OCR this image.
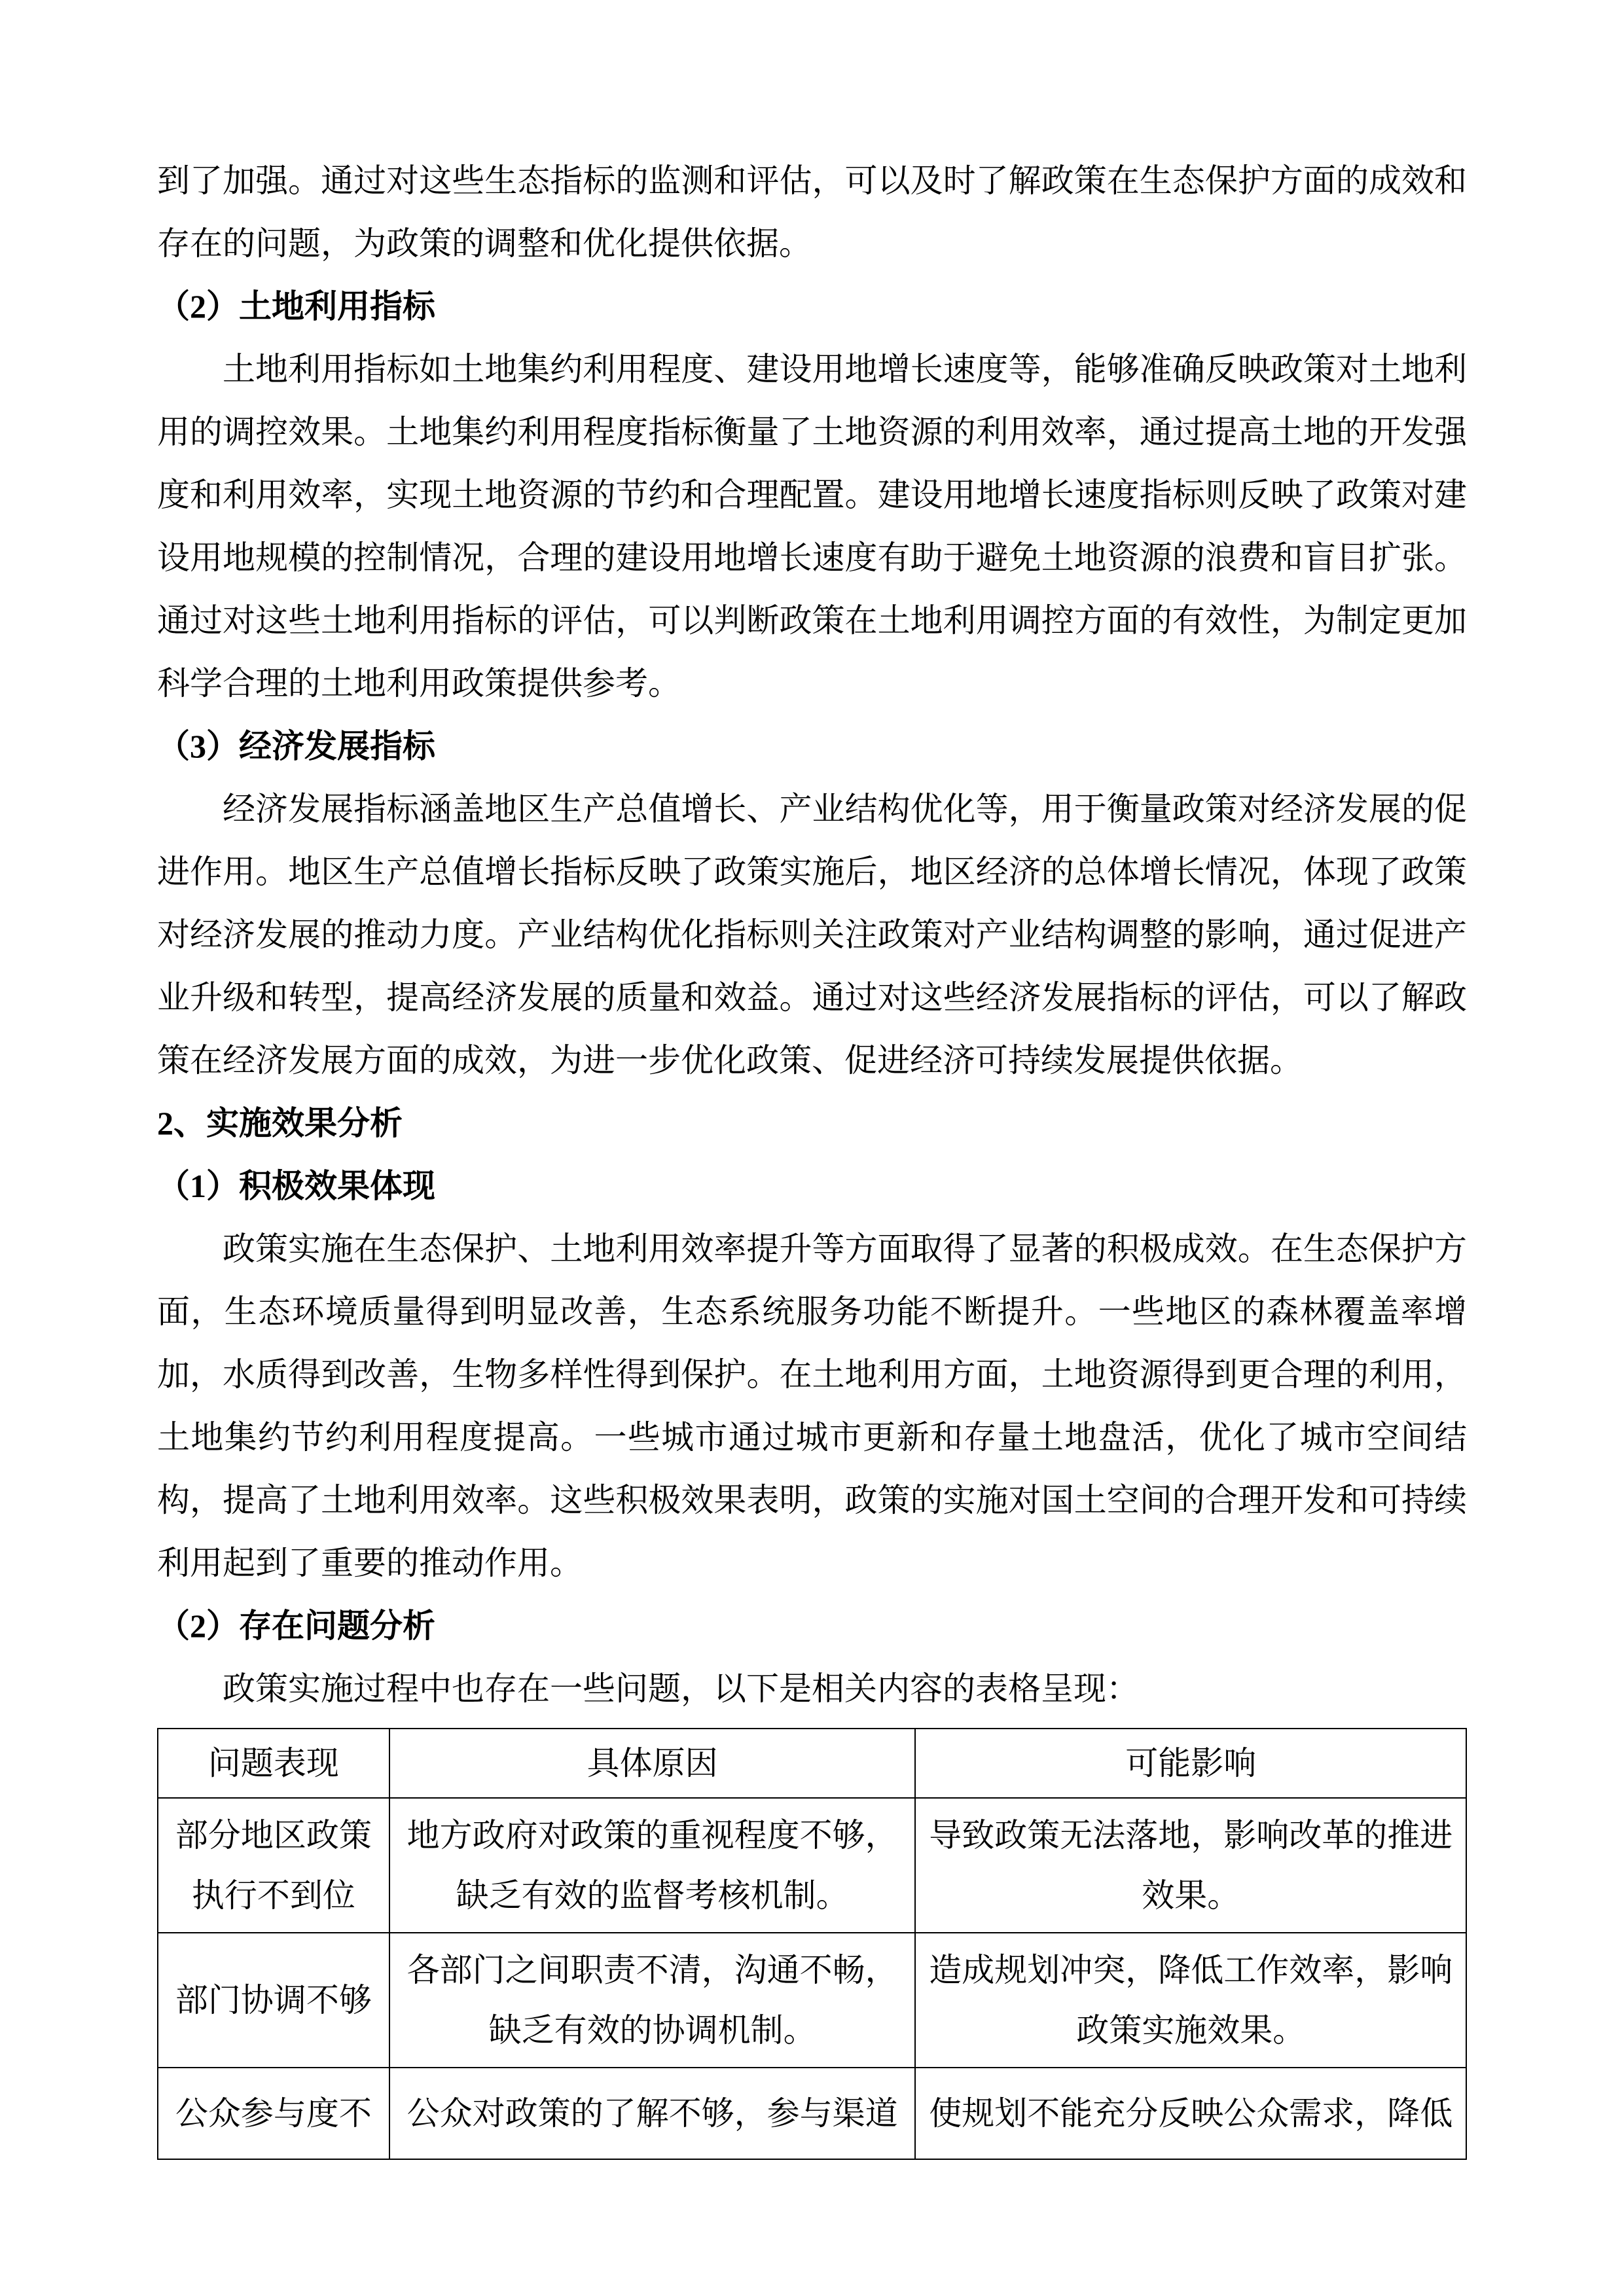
到了加强。通过对这些生态指标的监测和评估，可以及时了解政策在生态保护方面的成效和存在的问题，为政策的调整和优化提供依据。

（2）土地利用指标

土地利用指标如土地集约利用程度、建设用地增长速度等，能够准确反映政策对土地利用的调控效果。土地集约利用程度指标衡量了土地资源的利用效率，通过提高土地的开发强度和利用效率，实现土地资源的节约和合理配置。建设用地增长速度指标则反映了政策对建设用地规模的控制情况，合理的建设用地增长速度有助于避免土地资源的浪费和盲目扩张。通过对这些土地利用指标的评估，可以判断政策在土地利用调控方面的有效性，为制定更加科学合理的土地利用政策提供参考。

（3）经济发展指标

经济发展指标涵盖地区生产总值增长、产业结构优化等，用于衡量政策对经济发展的促进作用。地区生产总值增长指标反映了政策实施后，地区经济的总体增长情况，体现了政策对经济发展的推动力度。产业结构优化指标则关注政策对产业结构调整的影响，通过促进产业升级和转型，提高经济发展的质量和效益。通过对这些经济发展指标的评估，可以了解政策在经济发展方面的成效，为进一步优化政策、促进经济可持续发展提供依据。

2、实施效果分析
（1）积极效果体现

政策实施在生态保护、土地利用效率提升等方面取得了显著的积极成效。在生态保护方面，生态环境质量得到明显改善，生态系统服务功能不断提升。一些地区的森林覆盖率增加，水质得到改善，生物多样性得到保护。在土地利用方面，土地资源得到更合理的利用，土地集约节约利用程度提高。一些城市通过城市更新和存量土地盘活，优化了城市空间结构，提高了土地利用效率。这些积极效果表明，政策的实施对国土空间的合理开发和可持续利用起到了重要的推动作用。

（2）存在问题分析

政策实施过程中也存在一些问题，以下是相关内容的表格呈现：

问题表现	具体原因	可能影响
部分地区政策执行不到位	地方政府对政策的重视程度不够，缺乏有效的监督考核机制。	导致政策无法落地，影响改革的推进效果。
部门协调不够	各部门之间职责不清，沟通不畅，缺乏有效的协调机制。	造成规划冲突，降低工作效率，影响政策实施效果。
公众参与度不	公众对政策的了解不够，参与渠道	使规划不能充分反映公众需求，降低
